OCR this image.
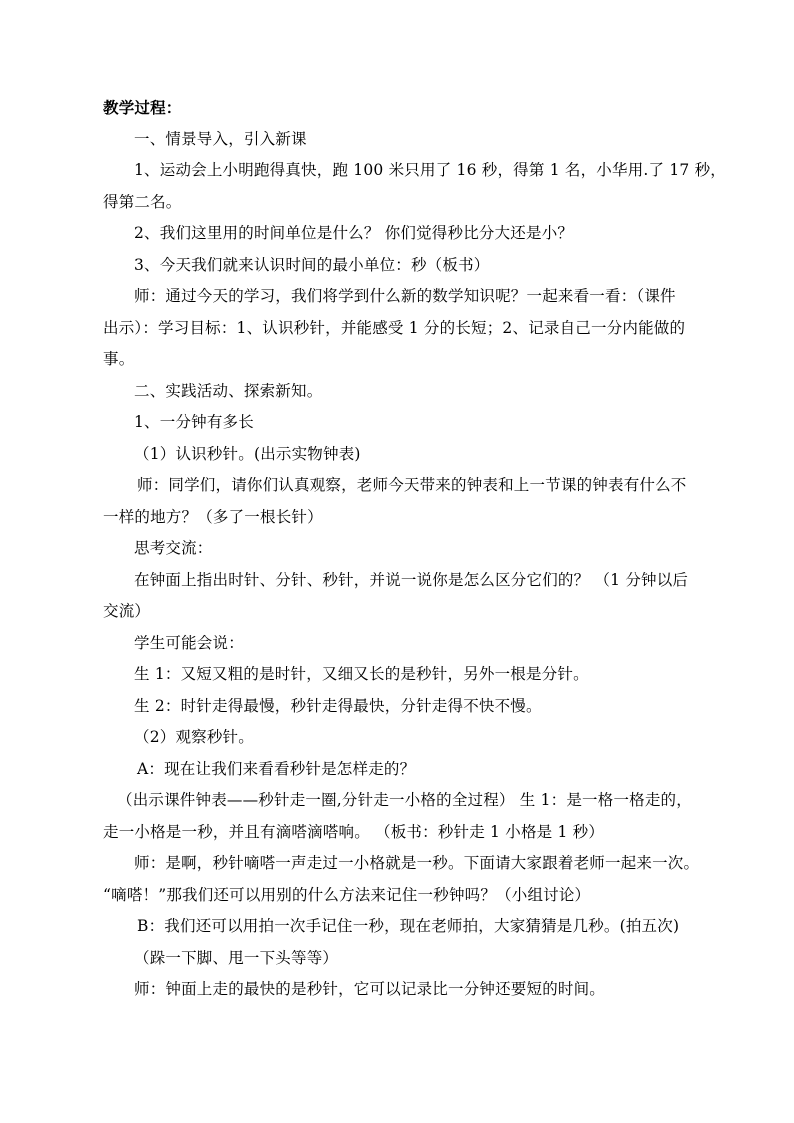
教学过程：
一、情景导入，引入新课
1、运动会上小明跑得真快，跑 100 米只用了 16 秒，得第 1 名，小华用.了 17 秒，
得第二名。
2、我们这里用的时间单位是什么？ 你们觉得秒比分大还是小？
3、今天我们就来认识时间的最小单位：秒（板书）
师：通过今天的学习，我们将学到什么新的数学知识呢？一起来看一看：（课件
出示）：学习目标：1、认识秒针，并能感受 1 分的长短；2、记录自己一分内能做的
事。
二、实践活动、探索新知。
1、一分钟有多长
（1）认识秒针。(出示实物钟表)
师：同学们，请你们认真观察，老师今天带来的钟表和上一节课的钟表有什么不
一样的地方？（多了一根长针）
思考交流：
在钟面上指出时针、分针、秒针，并说一说你是怎么区分它们的？ （1 分钟以后
交流）
学生可能会说：
生 1：又短又粗的是时针，又细又长的是秒针，另外一根是分针。
生 2：时针走得最慢，秒针走得最快，分针走得不快不慢。
（2）观察秒针。
A：现在让我们来看看秒针是怎样走的？
（出示课件钟表——秒针走一圈,分针走一小格的全过程） 生 1：是一格一格走的，
走一小格是一秒，并且有滴嗒滴嗒响。 （板书：秒针走 1 小格是 1 秒）
师：是啊，秒针嘀嗒一声走过一小格就是一秒。下面请大家跟着老师一起来一次。
“嘀嗒！”那我们还可以用别的什么方法来记住一秒钟吗？（小组讨论）
B：我们还可以用拍一次手记住一秒，现在老师拍，大家猜猜是几秒。(拍五次)
（跺一下脚、甩一下头等等）
师：钟面上走的最快的是秒针，它可以记录比一分钟还要短的时间。
